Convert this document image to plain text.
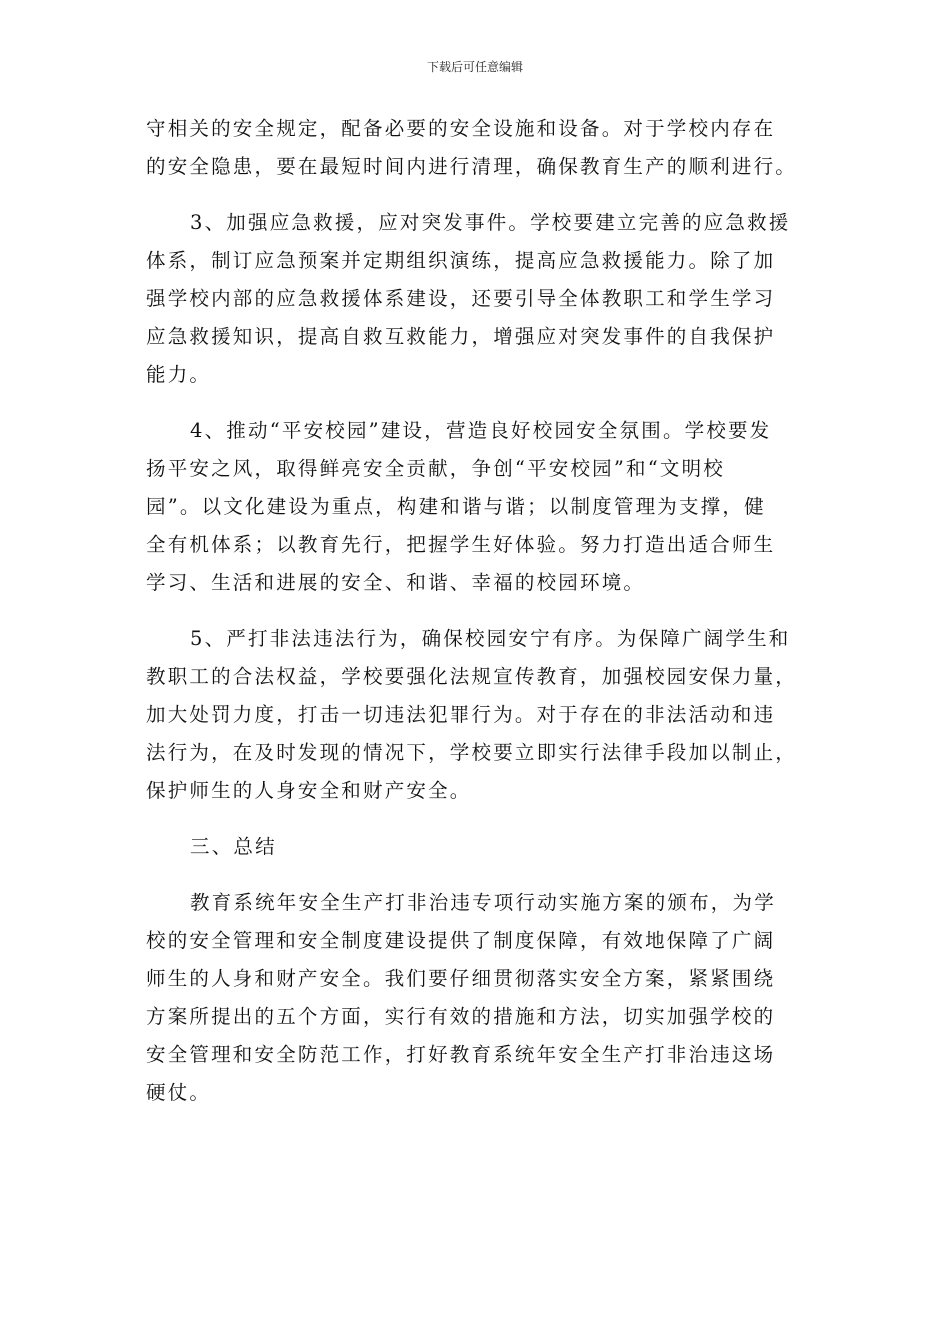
下载后可任意编辑

守相关的安全规定，配备必要的安全设施和设备。对于学校内存在
的安全隐患，要在最短时间内进行清理，确保教育生产的顺利进行。

3、加强应急救援，应对突发事件。学校要建立完善的应急救援
体系，制订应急预案并定期组织演练，提高应急救援能力。除了加
强学校内部的应急救援体系建设，还要引导全体教职工和学生学习
应急救援知识，提高自救互救能力，增强应对突发事件的自我保护
能力。

4、推动“平安校园”建设，营造良好校园安全氛围。学校要发
扬平安之风，取得鲜亮安全贡献，争创“平安校园”和“文明校
园”。以文化建设为重点，构建和谐与谐；以制度管理为支撑，健
全有机体系；以教育先行，把握学生好体验。努力打造出适合师生
学习、生活和进展的安全、和谐、幸福的校园环境。

5、严打非法违法行为，确保校园安宁有序。为保障广阔学生和
教职工的合法权益，学校要强化法规宣传教育，加强校园安保力量，
加大处罚力度，打击一切违法犯罪行为。对于存在的非法活动和违
法行为，在及时发现的情况下，学校要立即实行法律手段加以制止，
保护师生的人身安全和财产安全。

三、总结

教育系统年安全生产打非治违专项行动实施方案的颁布，为学
校的安全管理和安全制度建设提供了制度保障，有效地保障了广阔
师生的人身和财产安全。我们要仔细贯彻落实安全方案，紧紧围绕
方案所提出的五个方面，实行有效的措施和方法，切实加强学校的
安全管理和安全防范工作，打好教育系统年安全生产打非治违这场
硬仗。
